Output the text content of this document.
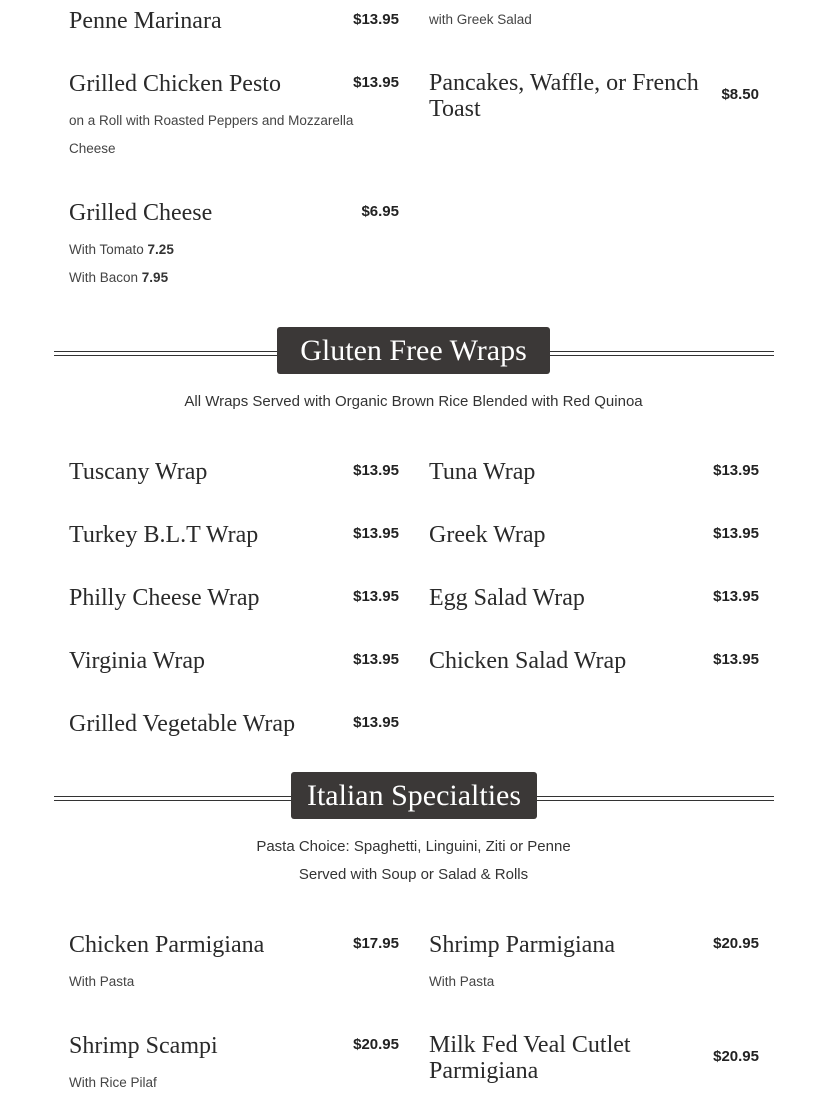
Penne Marinara	$13.95 with Greek Salad
Grilled Chicken Pesto	$13.95
on a Roll with Roasted Peppers and Mozzarella Cheese
Pancakes, Waffle, or French Toast
$8.50
Grilled Cheese	$6.95
With Tomato 7.25
With Bacon 7.95
Gluten Free Wraps
All Wraps Served with Organic Brown Rice Blended with Red Quinoa
Tuscany Wrap	$13.95 Tuna Wrap	$13.95
Turkey B.L.T Wrap	$13.95 Greek Wrap	$13.95
Philly Cheese Wrap	$13.95 Egg Salad Wrap	$13.95
Virginia Wrap	$13.95 Chicken Salad Wrap	$13.95
Grilled Vegetable Wrap	$13.95
Italian Specialties
Pasta Choice: Spaghetti, Linguini, Ziti or Penne
Served with Soup or Salad & Rolls
Chicken Parmigiana	$17.95
With Pasta
Shrimp Parmigiana	$20.95
With Pasta
Shrimp Scampi	$20.95
With Rice Pilaf
Milk Fed Veal Cutlet Parmigiana
$20.95
